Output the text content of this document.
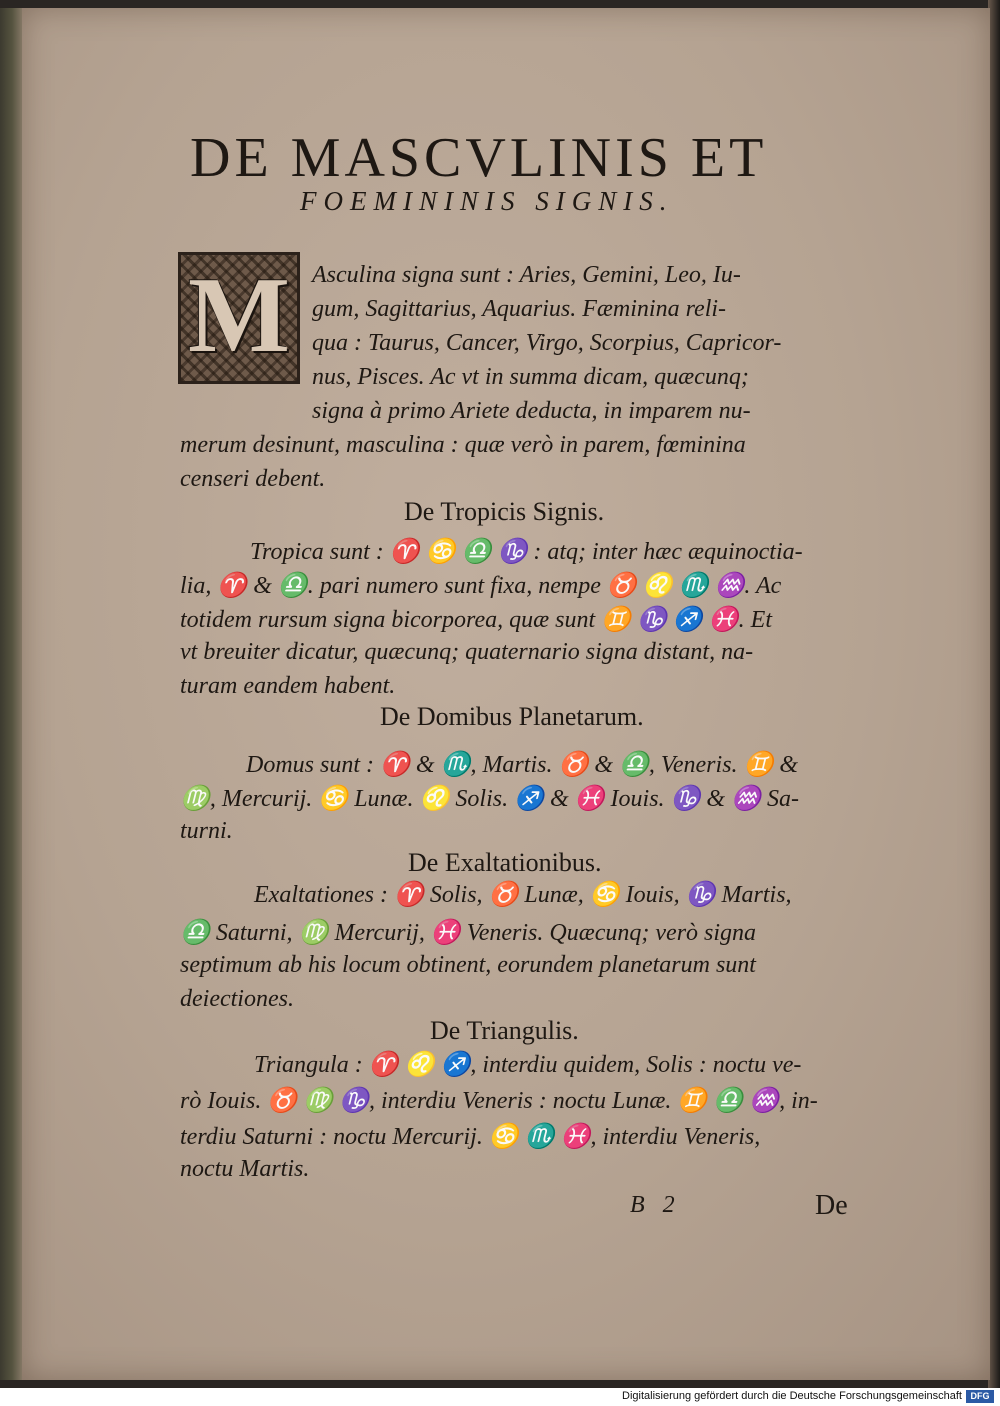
DE MASCVLINIS ET
FOEMININIS SIGNIS.
M Asculina signa sunt : Aries, Gemini, Leo, Iu-
gum, Sagittarius, Aquarius. Fæminina reli-
qua : Taurus, Cancer, Virgo, Scorpius, Capricor-
nus, Pisces. Ac vt in summa dicam, quæcunq;
signa à primo Ariete deducta, in imparem nu-
merum desinunt, masculina : quæ verò in parem, fœminina
censeri debent.
De Tropicis Signis.
Tropica sunt : ♈ ♋ ♎ ♑ : atq; inter hæc æquinoctia-
lia, ♈ & ♎. pari numero sunt fixa, nempe ♉ ♌ ♏ ♒. Ac
totidem rursum signa bicorporea, quæ sunt ♊ ♑ ♐ ♓. Et
vt breuiter dicatur, quæcunq; quaternario signa distant, na-
turam eandem habent.
De Domibus Planetarum.
Domus sunt : ♈ & ♏, Martis. ♉ & ♎, Veneris. ♊ &
♍, Mercurij. ♋ Lunæ. ♌ Solis. ♐ & ♓ Iouis. ♑ & ♒ Sa-
turni.
De Exaltationibus.
Exaltationes : ♈ Solis, ♉ Lunæ, ♋ Iouis, ♑ Martis,
♎ Saturni, ♍ Mercurij, ♓ Veneris. Quæcunq; verò signa
septimum ab his locum obtinent, eorundem planetarum sunt
deiectiones.
De Triangulis.
Triangula : ♈ ♌ ♐, interdiu quidem, Solis : noctu ve-
rò Iouis. ♉ ♍ ♑, interdiu Veneris : noctu Lunæ. ♊ ♎ ♒, in-
terdiu Saturni : noctu Mercurij. ♋ ♏ ♓, interdiu Veneris,
noctu Martis.
B 2	De
Digitalisierung gefördert durch die Deutsche Forschungsgemeinschaft DFG
